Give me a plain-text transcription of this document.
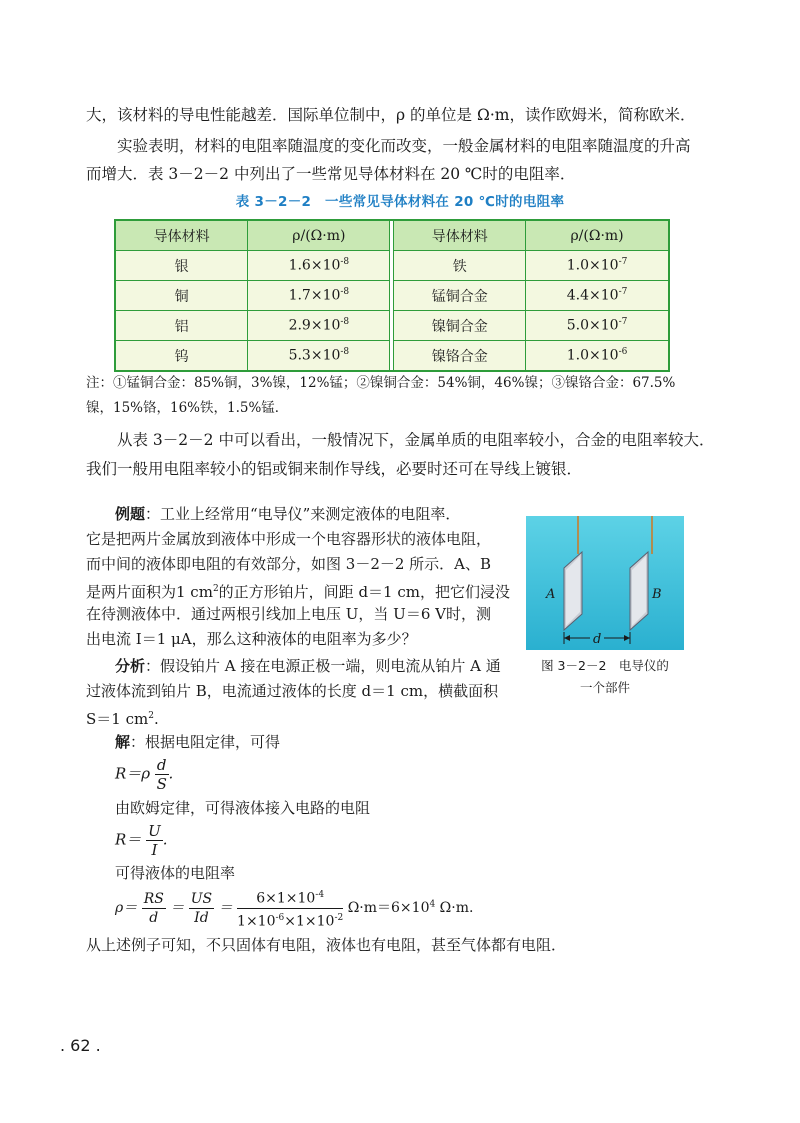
大，该材料的导电性能越差．国际单位制中，ρ 的单位是 Ω·m，读作欧姆米，简称欧米．
实验表明，材料的电阻率随温度的变化而改变，一般金属材料的电阻率随温度的升高
而增大．表 3－2－2 中列出了一些常见导体材料在 20 ℃时的电阻率．
表 3－2－2　一些常见导体材料在 20 ℃时的电阻率
导体材料	ρ/(Ω·m)		导体材料	ρ/(Ω·m)
银	$1.6\times 10^{-8}$		铁	$1.0\times 10^{-7}$
铜	$1.7\times 10^{-8}$		锰铜合金	$4.4\times 10^{-7}$
铝	$2.9\times 10^{-8}$		镍铜合金	$5.0\times 10^{-7}$
钨	$5.3\times 10^{-8}$		镍铬合金	$1.0\times 10^{-6}$
注：①锰铜合金：85%铜，3%镍，12%锰；②镍铜合金：54%铜，46%镍；③镍铬合金：67.5%
镍，15%铬，16%铁，1.5%锰．
从表 3－2－2 中可以看出，一般情况下，金属单质的电阻率较小，合金的电阻率较大．
我们一般用电阻率较小的铝或铜来制作导线，必要时还可在导线上镀银．
例题：工业上经常用“电导仪”来测定液体的电阻率．
它是把两片金属放到液体中形成一个电容器形状的液体电阻，
而中间的液体即电阻的有效部分，如图 3－2－2 所示．A、B
是两片面积为1 $cm^2$的正方形铂片，间距 d＝1 cm，把它们浸没
在待测液体中．通过两根引线加上电压 U，当 U＝6 V时，测
出电流 I＝1 μA，那么这种液体的电阻率为多少？
分析：假设铂片 A 接在电源正极一端，则电流从铂片 A 通
过液体流到铂片 B，电流通过液体的长度 d＝1 cm，横截面积
S＝1 $cm^2$.
解：根据电阻定律，可得
$R=\rho \frac{d}{S}$ .
由欧姆定律，可得液体接入电路的电阻
$R= \frac{U}{I}$ .
可得液体的电阻率
$\rho= \frac{RS}{d} = \frac{US}{Id} = \frac{6\times 1\times 10^{-4}}{1\times 10^{-6}\times 1\times 10^{-2}} \Omega\cdot m=6\times 10^4$ Ω·m.
从上述例子可知，不只固体有电阻，液体也有电阻，甚至气体都有电阻．
A	B
d
图 3－2－2　电导仪的
一个部件
. 62 .
